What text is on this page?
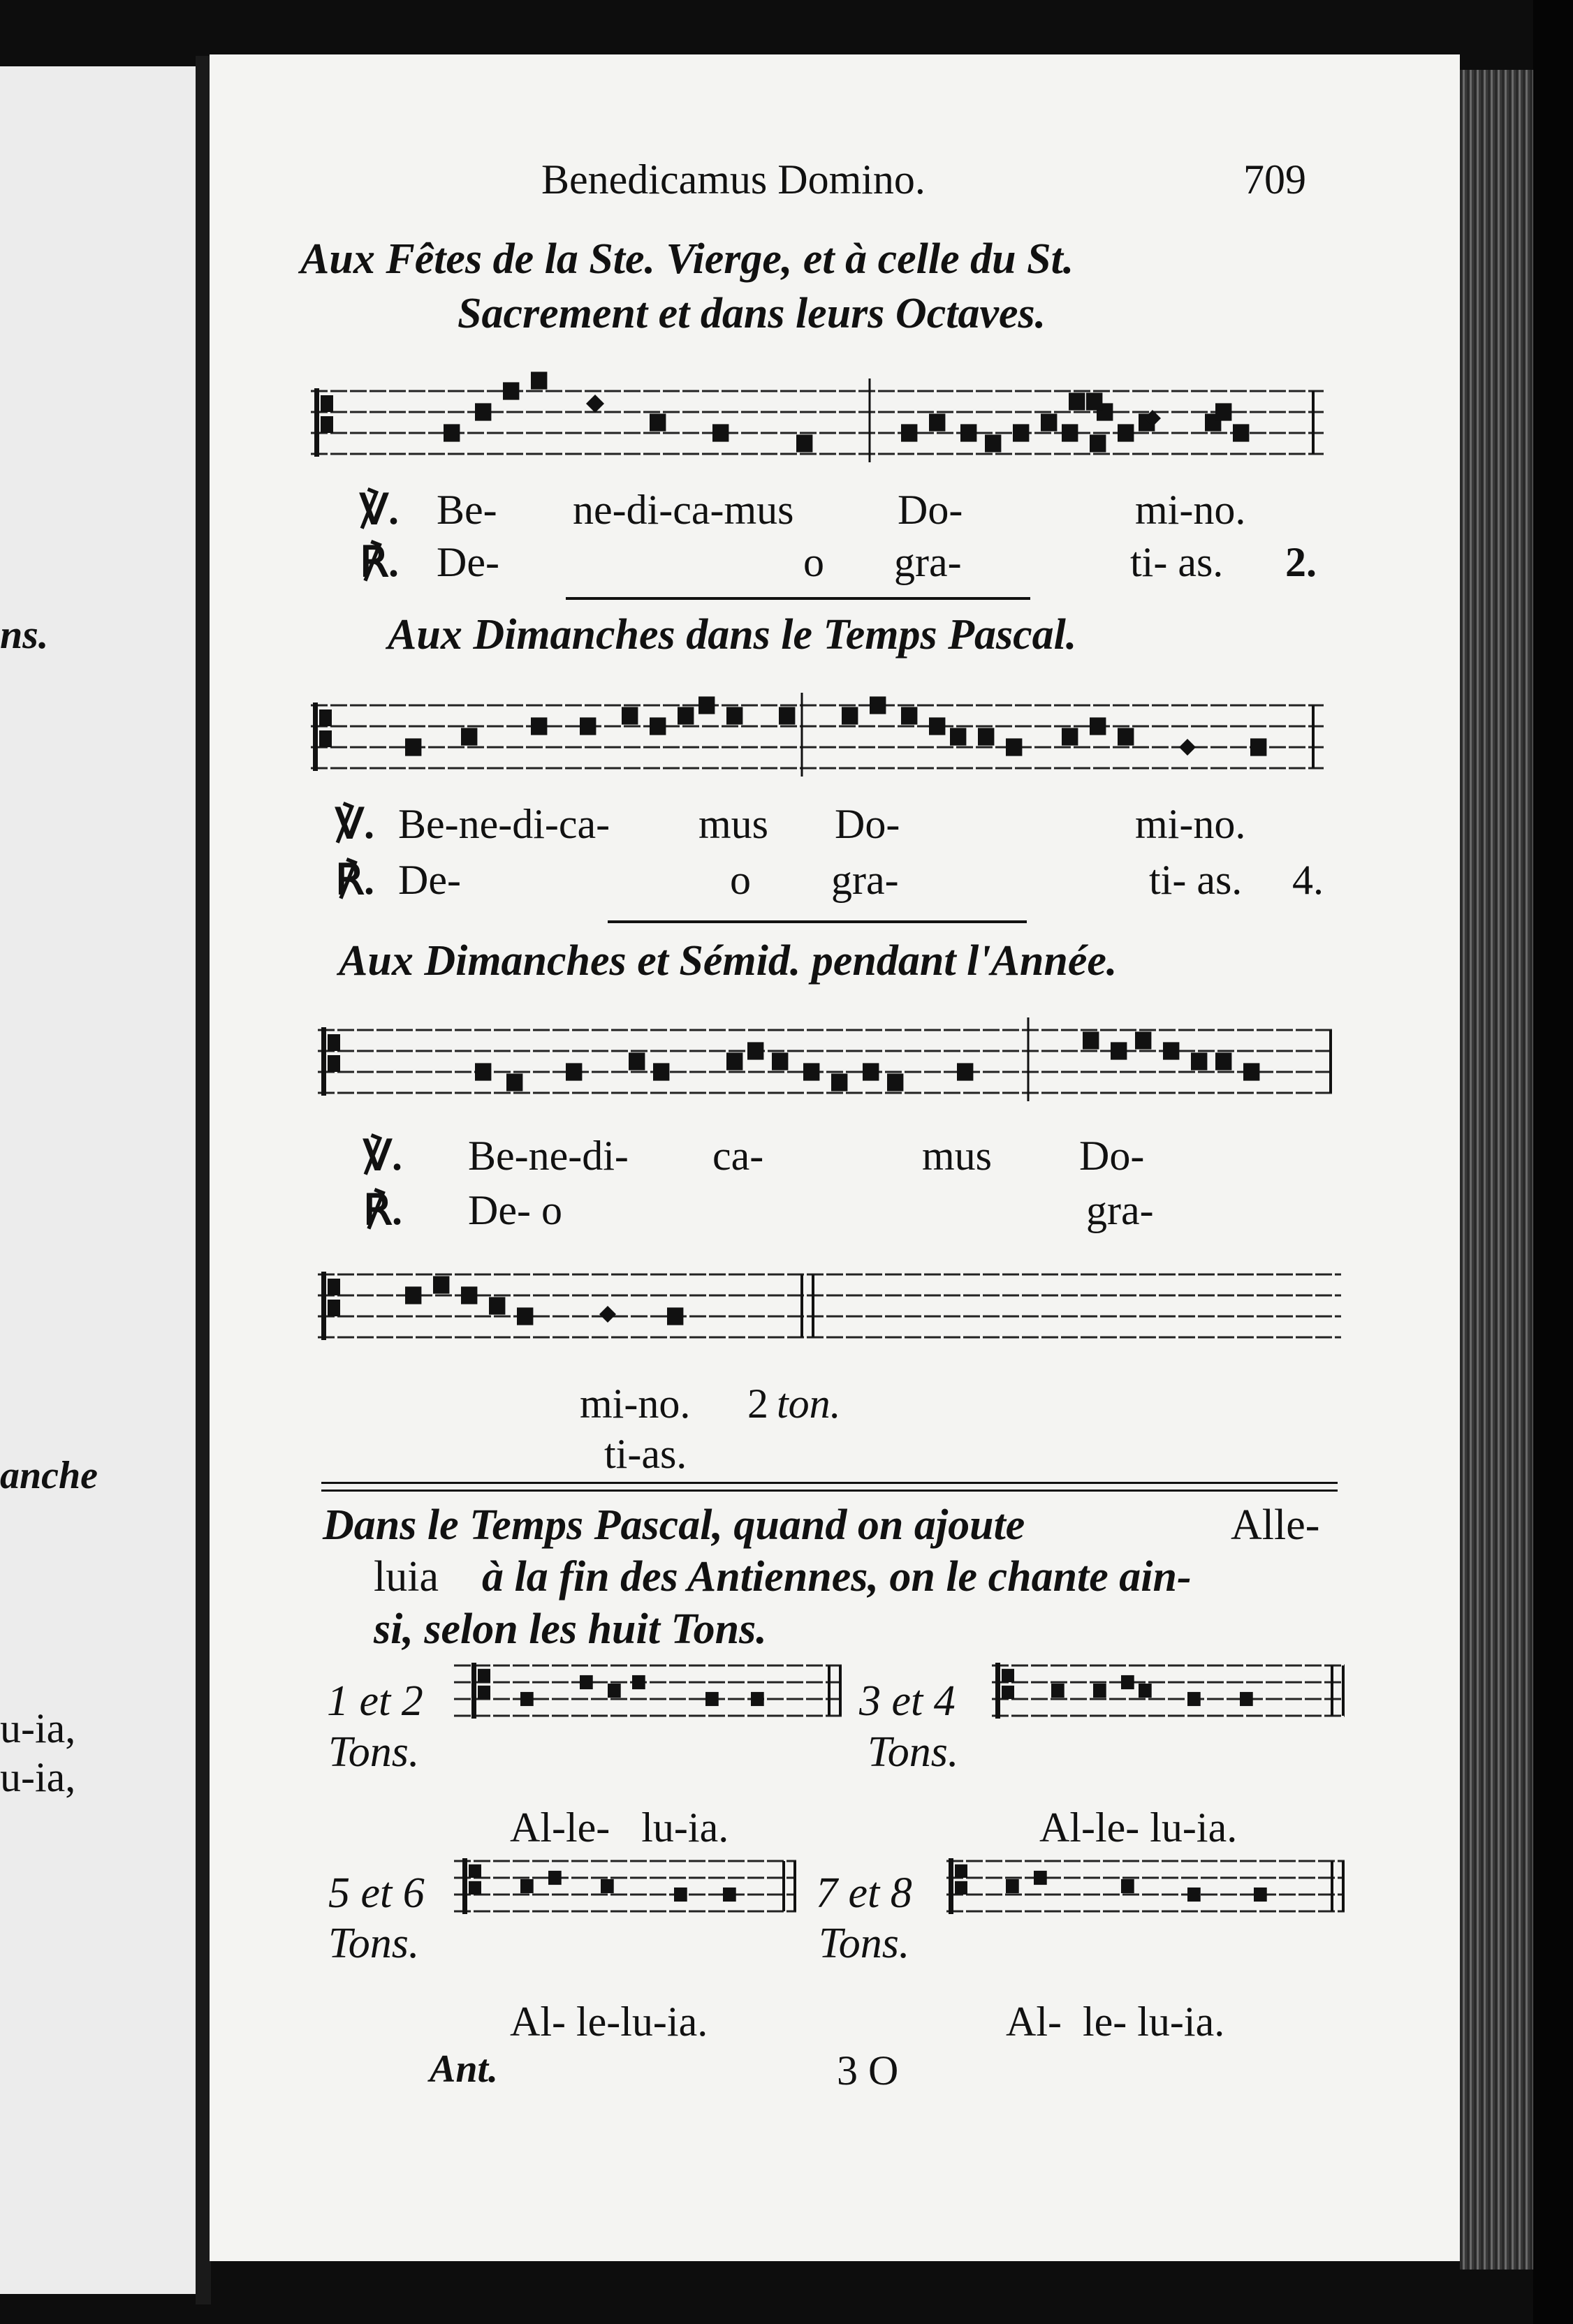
ns.
anche
u-ia,
u-ia,
Benedicamus Domino.	709
Aux Fêtes de la Ste. Vierge, et à celle du St.
Sacrement et dans leurs Octaves.
℣. Be- ne-di-ca-mus Do-	mi-no.
℟. De-	o gra-	ti- as. 2.
Aux Dimanches dans le Temps Pascal.
℣. Be-ne-di-ca- mus Do-	mi-no.
℟. De-	o gra-	ti- as. 4.
Aux Dimanches et Sémid. pendant l'Année.
℣. Be-ne-di- ca-	mus Do-
℟. De- o	gra-
mi-no. 2 ton.
ti-as.
Dans le Temps Pascal, quand on ajoute	Alle-
luia à la fin des Antiennes, on le chante ain-
si, selon les huit Tons.
1 et 2
Tons.
Al-le-   lu-ia.
3 et 4
Tons.
Al-le- lu-ia.
5 et 6
Tons.
Al- le-lu-ia.
7 et 8
Tons.
Al-  le- lu-ia.
Ant.	3 O
